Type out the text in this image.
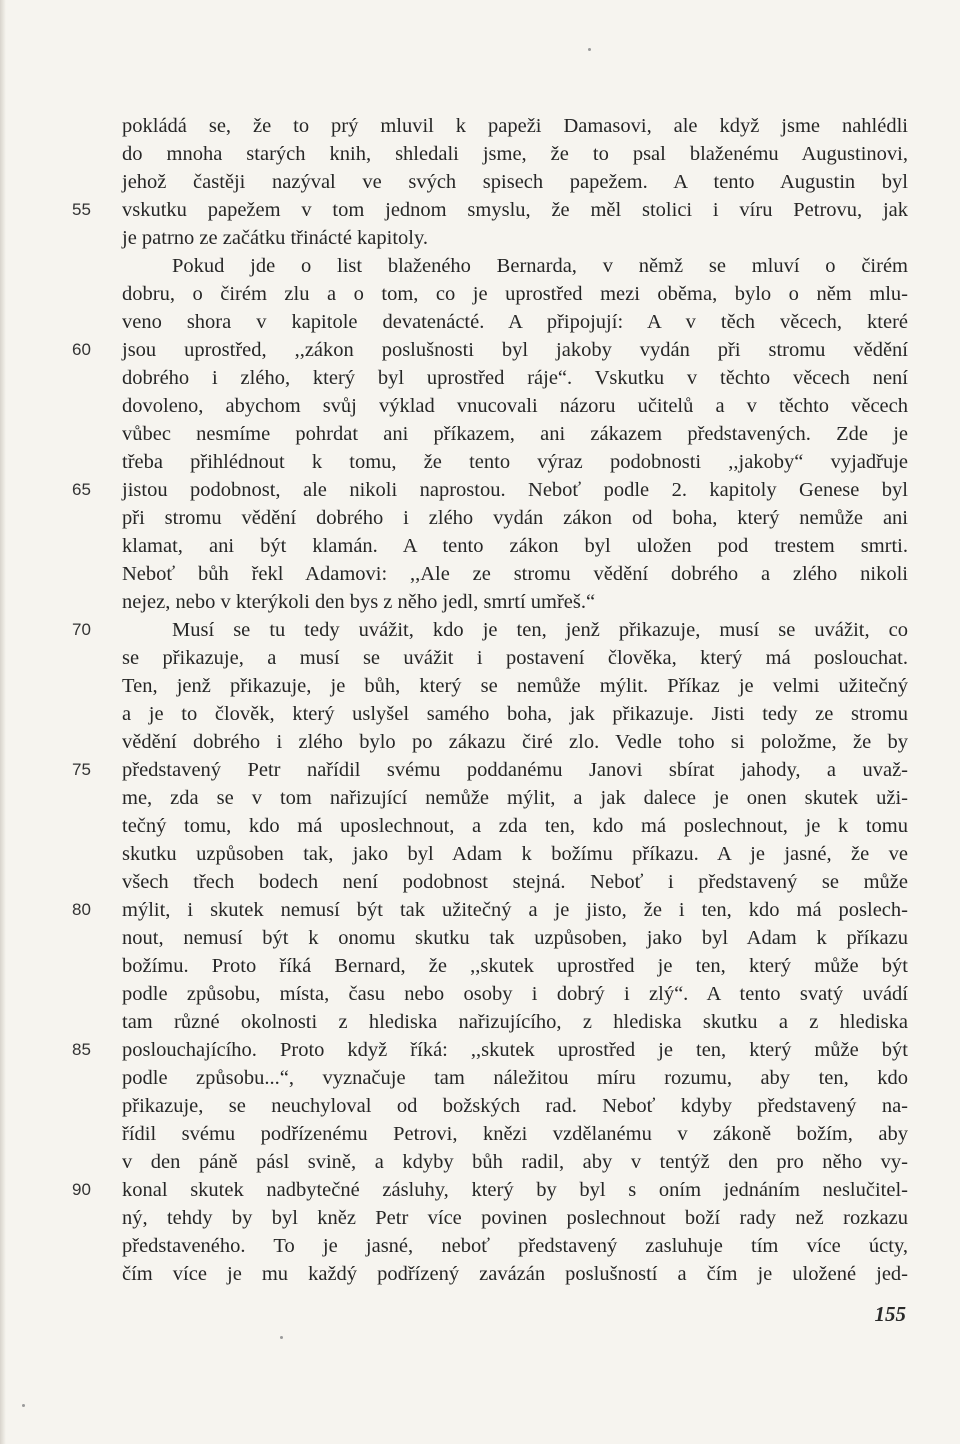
pokládá se, že to prý mluvil k papeži Damasovi, ale když jsme nahlédli
do mnoha starých knih, shledali jsme, že to psal blaženému Augustinovi,
jehož častěji nazýval ve svých spisech papežem. A tento Augustin byl
vskutku papežem v tom jednom smyslu, že měl stolici i víru Petrovu, jak
je patrno ze začátku třinácté kapitoly.
Pokud jde o list blaženého Bernarda, v němž se mluví o čirém
dobru, o čirém zlu a o tom, co je uprostřed mezi oběma, bylo o něm mlu-
veno shora v kapitole devatenácté. A připojují: A v těch věcech, které
jsou uprostřed, ,,zákon poslušnosti byl jakoby vydán při stromu vědění
dobrého i zlého, který byl uprostřed ráje“. Vskutku v těchto věcech není
dovoleno, abychom svůj výklad vnucovali názoru učitelů a v těchto věcech
vůbec nesmíme pohrdat ani příkazem, ani zákazem představených. Zde je
třeba přihlédnout k tomu, že tento výraz podobnosti ,,jakoby“ vyjadřuje
jistou podobnost, ale nikoli naprostou. Neboť podle 2. kapitoly Genese byl
při stromu vědění dobrého i zlého vydán zákon od boha, který nemůže ani
klamat, ani být klamán. A tento zákon byl uložen pod trestem smrti.
Neboť bůh řekl Adamovi: ,,Ale ze stromu vědění dobrého a zlého nikoli
nejez, nebo v kterýkoli den bys z něho jedl, smrtí umřeš.“
Musí se tu tedy uvážit, kdo je ten, jenž přikazuje, musí se uvážit, co
se přikazuje, a musí se uvážit i postavení člověka, který má poslouchat.
Ten, jenž přikazuje, je bůh, který se nemůže mýlit. Příkaz je velmi užitečný
a je to člověk, který uslyšel samého boha, jak přikazuje. Jisti tedy ze stromu
vědění dobrého i zlého bylo po zákazu čiré zlo. Vedle toho si položme, že by
představený Petr nařídil svému poddanému Janovi sbírat jahody, a uvaž-
me, zda se v tom nařizující nemůže mýlit, a jak dalece je onen skutek uži-
tečný tomu, kdo má uposlechnout, a zda ten, kdo má poslechnout, je k tomu
skutku uzpůsoben tak, jako byl Adam k božímu příkazu. A je jasné, že ve
všech třech bodech není podobnost stejná. Neboť i představený se může
mýlit, i skutek nemusí být tak užitečný a je jisto, že i ten, kdo má poslech-
nout, nemusí být k onomu skutku tak uzpůsoben, jako byl Adam k příkazu
božímu. Proto říká Bernard, že ,,skutek uprostřed je ten, který může být
podle způsobu, místa, času nebo osoby i dobrý i zlý“. A tento svatý uvádí
tam různé okolnosti z hlediska nařizujícího, z hlediska skutku a z hlediska
poslouchajícího. Proto když říká: ,,skutek uprostřed je ten, který může být
podle způsobu...“, vyznačuje tam náležitou míru rozumu, aby ten, kdo
přikazuje, se neuchyloval od božských rad. Neboť kdyby představený na-
řídil svému podřízenému Petrovi, knězi vzdělanému v zákoně božím, aby
v den páně pásl svině, a kdyby bůh radil, aby v tentýž den pro něho vy-
konal skutek nadbytečné zásluhy, který by byl s oním jednáním neslučitel-
ný, tehdy by byl kněz Petr více povinen poslechnout boží rady než rozkazu
představeného. To je jasné, neboť představený zasluhuje tím více úcty,
čím více je mu každý podřízený zavázán poslušností a čím je uložené jed-
55
60
65
70
75
80
85
90
155
